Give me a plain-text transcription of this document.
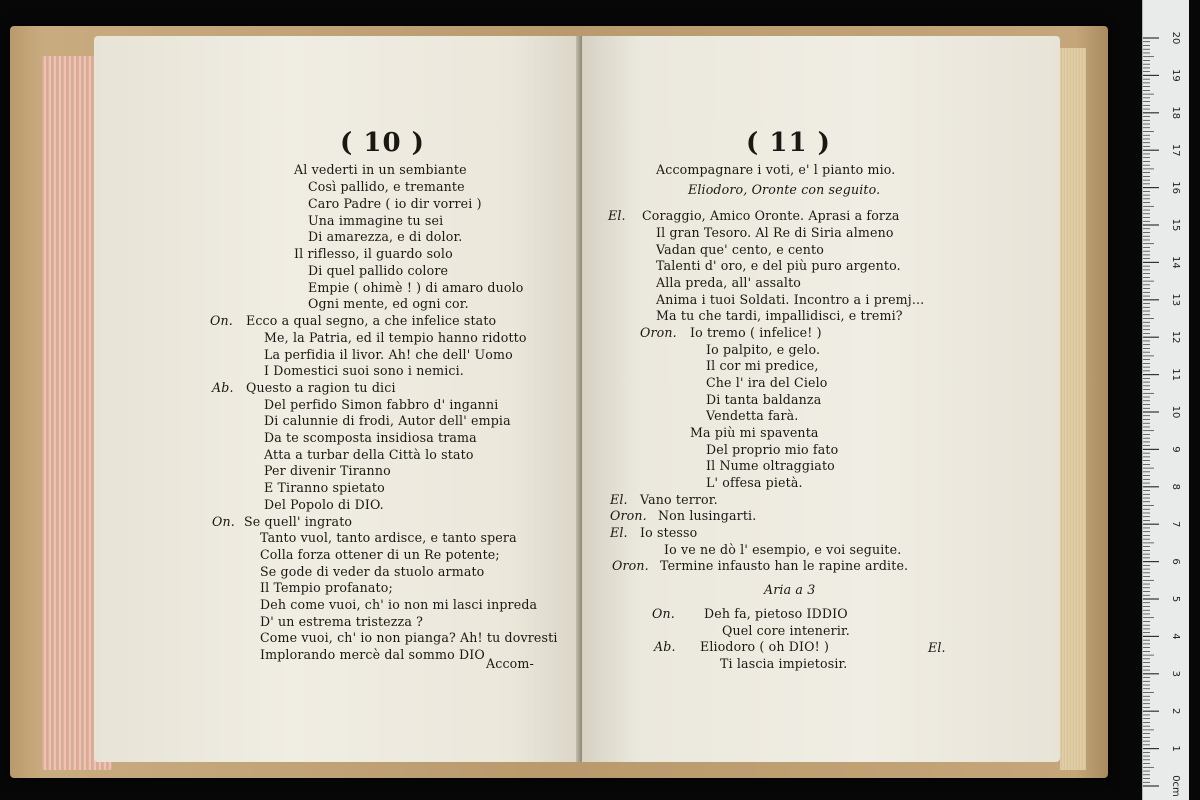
( 10 )
Al vederti in un sembiante
Così pallido, e tremante
Caro Padre ( io dir vorrei )
Una immagine tu sei
Di amarezza, e di dolor.
Il riflesso, il guardo solo
Di quel pallido colore
Empie ( ohimè ! ) di amaro duolo
Ogni mente, ed ogni cor.
On. Ecco a qual segno, a che infelice stato
Me, la Patria, ed il tempio hanno ridotto
La perfidia il livor. Ah! che dell' Uomo
I Domestici suoi sono i nemici.
Ab. Questo a ragion tu dici
Del perfido Simon fabbro d' inganni
Di calunnie di frodi, Autor dell' empia
Da te scomposta insidiosa trama
Atta a turbar della Città lo stato
Per divenir Tiranno
E Tiranno spietato
Del Popolo di DIO.
On. Se quell' ingrato
Tanto vuol, tanto ardisce, e tanto spera
Colla forza ottener di un Re potente;
Se gode di veder da stuolo armato
Il Tempio profanato;
Deh come vuoi, ch' io non mi lasci inpreda
D' un estrema tristezza ?
Come vuoi, ch' io non pianga? Ah! tu dovresti
Implorando mercè dal sommo DIO
Accom-
( 11 )
Accompagnare i voti, e' l pianto mio.
Eliodoro, Oronte con seguito.
El. Coraggio, Amico Oronte. Aprasi a forza
Il gran Tesoro. Al Re di Siria almeno
Vadan que' cento, e cento
Talenti d' oro, e del più puro argento.
Alla preda, all' assalto
Anima i tuoi Soldati. Incontro a i premj...
Ma tu che tardi, impallidisci, e tremi?
Oron. Io tremo ( infelice! )
Io palpito, e gelo.
Il cor mi predice,
Che l' ira del Cielo
Di tanta baldanza
Vendetta farà.
Ma più mi spaventa
Del proprio mio fato
Il Nume oltraggiato
L' offesa pietà.
El. Vano terror.
Oron. Non lusingarti.
El. Io stesso
Io ve ne dò l' esempio, e voi seguite.
Oron. Termine infausto han le rapine ardite.
Aria a 3
On. Deh fa, pietoso IDDIO
Quel core intenerir.
Ab. Eliodoro ( oh DIO! )
Ti lascia impietosir.
El.
0cm
1
2
3
4
5
6
7
8
9
10
11
12
13
14
15
16
17
18
19
20
